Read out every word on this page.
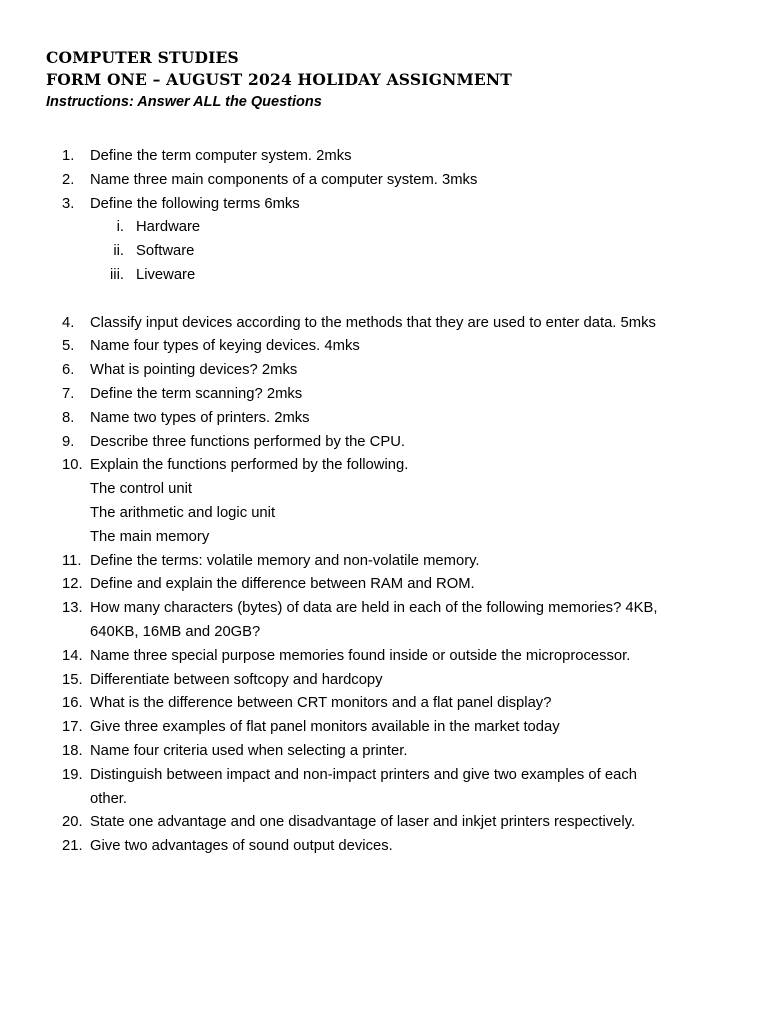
COMPUTER STUDIES
FORM ONE – AUGUST 2024 HOLIDAY ASSIGNMENT
Instructions: Answer ALL the Questions
1. Define the term computer system. 2mks
2. Name three main components of a computer system. 3mks
3. Define the following terms 6mks
i. Hardware
ii. Software
iii. Liveware
4. Classify input devices according to the methods that they are used to enter data. 5mks
5. Name four types of keying devices. 4mks
6. What is pointing devices? 2mks
7. Define the term scanning? 2mks
8. Name two types of printers. 2mks
9. Describe three functions performed by the CPU.
10. Explain the functions performed by the following.
The control unit
The arithmetic and logic unit
The main memory
11. Define the terms: volatile memory and non-volatile memory.
12. Define and explain the difference between RAM and ROM.
13. How many characters (bytes) of data are held in each of the following memories? 4KB,
640KB, 16MB and 20GB?
14. Name three special purpose memories found inside or outside the microprocessor.
15. Differentiate between softcopy and hardcopy
16. What is the difference between CRT monitors and a flat panel display?
17. Give three examples of flat panel monitors available in the market today
18. Name four criteria used when selecting a printer.
19. Distinguish between impact and non-impact printers and give two examples of each
other.
20. State one advantage and one disadvantage of laser and inkjet printers respectively.
21. Give two advantages of sound output devices.
